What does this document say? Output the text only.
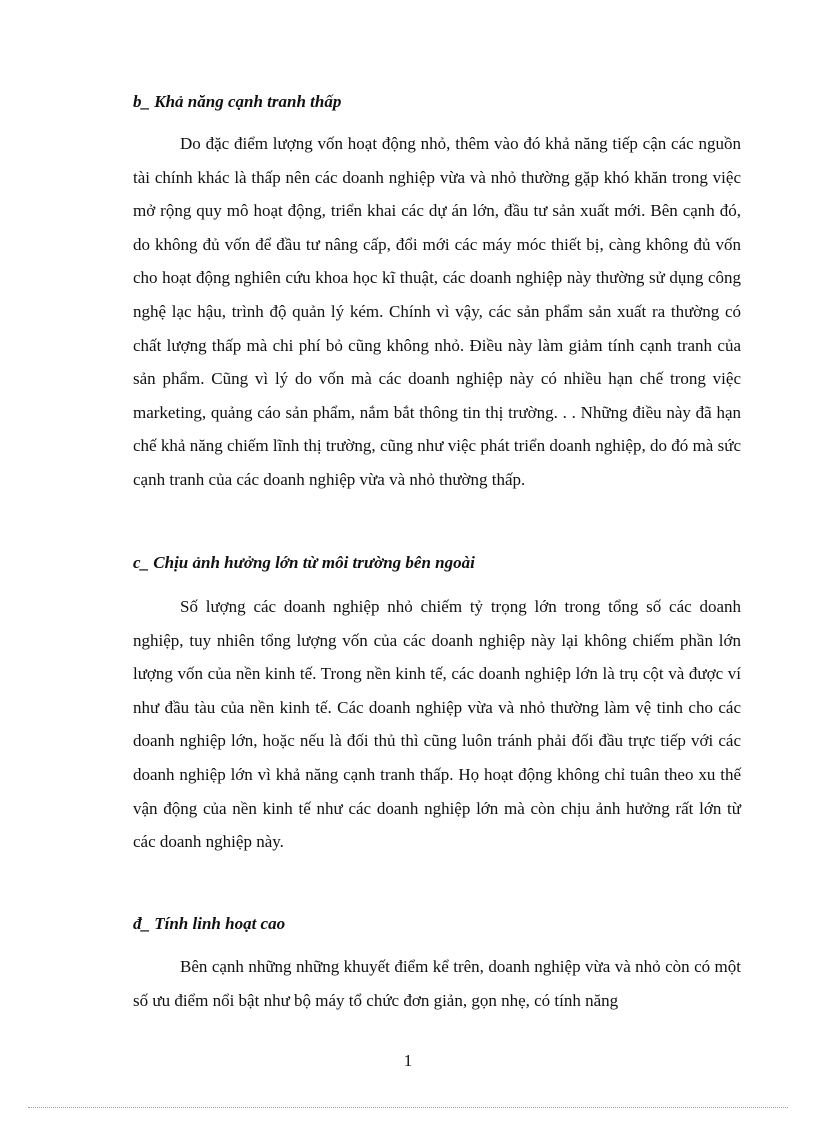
b_ Khả năng cạnh tranh thấp

Do đặc điểm lượng vốn hoạt động nhỏ, thêm vào đó khả năng tiếp cận các nguồn tài chính khác là thấp nên các doanh nghiệp vừa và nhỏ thường gặp khó khăn trong việc mở rộng quy mô hoạt động, triển khai các dự án lớn, đầu tư sản xuất mới. Bên cạnh đó, do không đủ vốn để đầu tư nâng cấp, đổi mới các máy móc thiết bị, càng không đủ vốn cho hoạt động nghiên cứu khoa học kĩ thuật, các doanh nghiệp này thường sử dụng công nghệ lạc hậu, trình độ quản lý kém. Chính vì vậy, các sản phẩm sản xuất ra thường có chất lượng thấp mà chi phí bỏ cũng không nhỏ. Điều này làm giảm tính cạnh tranh của sản phẩm. Cũng vì lý do vốn mà các doanh nghiệp này có nhiều hạn chế trong việc marketing, quảng cáo sản phẩm, nắm bắt thông tin thị trường. . . Những điều này đã hạn chế khả năng chiếm lĩnh thị trường, cũng như việc phát triển doanh nghiệp, do đó mà sức cạnh tranh của các doanh nghiệp vừa và nhỏ thường thấp.

c_ Chịu ảnh hưởng lớn từ môi trường bên ngoài

Số lượng các doanh nghiệp nhỏ chiếm tỷ trọng lớn trong tổng số các doanh nghiệp, tuy nhiên tổng lượng vốn của các doanh nghiệp này lại không chiếm phần lớn lượng vốn của nền kinh tế. Trong nền kinh tế, các doanh nghiệp lớn là trụ cột và được ví như đầu tàu của nền kinh tế. Các doanh nghiệp vừa và nhỏ thường làm vệ tinh cho các doanh nghiệp lớn, hoặc nếu là đối thủ thì cũng luôn tránh phải đối đầu trực tiếp với các doanh nghiệp lớn vì khả năng cạnh tranh thấp. Họ hoạt động không chỉ tuân theo xu thế vận động của nền kinh tế như các doanh nghiệp lớn mà còn chịu ảnh hưởng rất lớn từ các doanh nghiệp này.

đ_ Tính linh hoạt cao

Bên cạnh những những khuyết điểm kể trên, doanh nghiệp vừa và nhỏ còn có một số ưu điểm nổi bật như bộ máy tổ chức đơn giản, gọn nhẹ, có tính năng

1
